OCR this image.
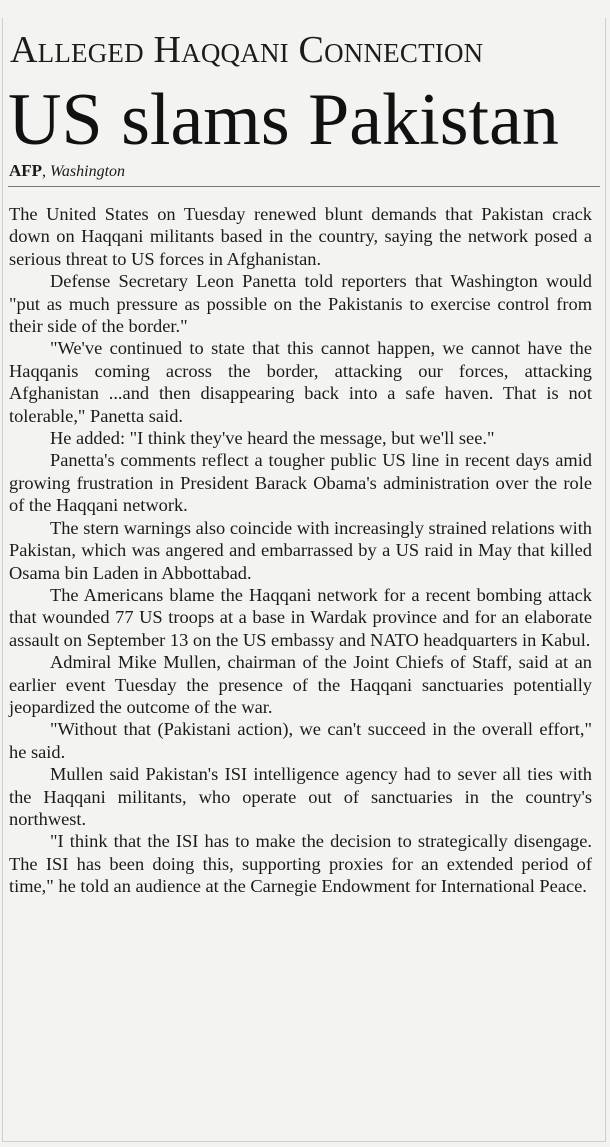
Alleged Haqqani Connection
US slams Pakistan
AFP, Washington

The United States on Tuesday renewed blunt demands that Pakistan crack down on Haqqani militants based in the country, saying the network posed a serious threat to US forces in Afghanistan.

Defense Secretary Leon Panetta told reporters that Washington would "put as much pressure as possible on the Pakistanis to exercise control from their side of the border."

"We've continued to state that this cannot happen, we cannot have the Haqqanis coming across the border, attacking our forces, attacking Afghanistan ...and then disappearing back into a safe haven. That is not tolerable," Panetta said.

He added: "I think they've heard the message, but we'll see."

Panetta's comments reflect a tougher public US line in recent days amid growing frustration in President Barack Obama's administration over the role of the Haqqani network.

The stern warnings also coincide with increasingly strained relations with Pakistan, which was angered and embarrassed by a US raid in May that killed Osama bin Laden in Abbottabad.

The Americans blame the Haqqani network for a recent bombing attack that wounded 77 US troops at a base in Wardak province and for an elaborate assault on September 13 on the US embassy and NATO headquarters in Kabul.

Admiral Mike Mullen, chairman of the Joint Chiefs of Staff, said at an earlier event Tuesday the presence of the Haqqani sanctuaries potentially jeopardized the outcome of the war.

"Without that (Pakistani action), we can't succeed in the overall effort," he said.

Mullen said Pakistan's ISI intelligence agency had to sever all ties with the Haqqani militants, who operate out of sanctuaries in the country's northwest.

"I think that the ISI has to make the decision to strategically disengage. The ISI has been doing this, supporting proxies for an extended period of time," he told an audience at the Carnegie Endowment for International Peace.
